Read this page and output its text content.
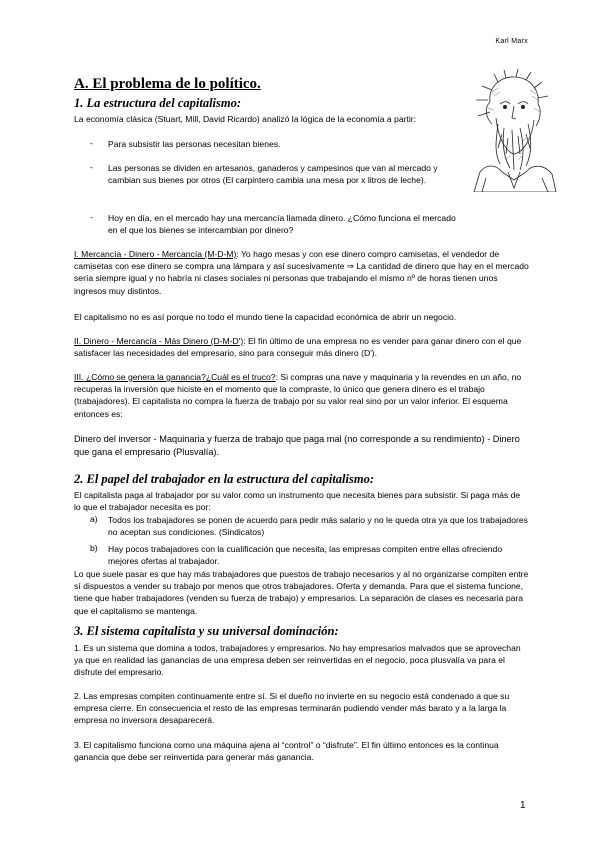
Karl Marx
A. El problema de lo político.
1. La estructura del capitalismo:
La economía clásica (Stuart, Mill, David Ricardo) analizó la lógica de la economía a partir:
- Para subsistir las personas necesitan bienes.
- Las personas se dividen en artesanos, ganaderos y campesinos que van al mercado y cambian sus bienes por otros (El carpintero cambia una mesa por x litros de leche).
- Hoy en día, en el mercado hay una mercancía llamada dinero. ¿Cómo funciona el mercado en el que los bienes se intercambian por dinero?
I. Mercancía - Dinero - Mercancía (M-D-M): Yo hago mesas y con ese dinero compro camisetas, el vendedor de camisetas con ese dinero se compra una lámpara y así sucesivamente ⇒ La cantidad de dinero que hay en el mercado sería siempre igual y no habría ni clases sociales ni personas que trabajando el mismo nº de horas tienen unos ingresos muy distintos.
El capitalismo no es así porque no todo el mundo tiene la capacidad económica de abrir un negocio.
II. Dinero - Mercancía - Más Dinero (D-M-D'): El fin último de una empresa no es vender para ganar dinero con el que satisfacer las necesidades del empresario, sino para conseguir más dinero (D').
III. ¿Cómo se genera la ganancia?¿Cuál es el truco?: Si compras una nave y maquinaria y la revendes en un año, no recuperas la inversión que hiciste en el momento que la compraste, lo único que genera dinero es el trabajo (trabajadores). El capitalista no compra la fuerza de trabajo por su valor real sino por un valor inferior. El esquema entonces es:
Dinero del inversor - Maquinaria y fuerza de trabajo que paga mal (no corresponde a su rendimiento) - Dinero que gana el empresario (Plusvalía).
2. El papel del trabajador en la estructura del capitalismo:
El capitalista paga al trabajador por su valor como un instrumento que necesita bienes para subsistir. Si paga más de lo que el trabajador necesita es por:
a) Todos los trabajadores se ponen de acuerdo para pedir más salario y no le queda otra ya que los trabajadores no aceptan sus condiciones. (Sindicatos)
b) Hay pocos trabajadores con la cualificación que necesita, las empresas compiten entre ellas ofreciendo mejores ofertas al trabajador.
Lo que suele pasar es que hay más trabajadores que puestos de trabajo necesarios y al no organizarse compiten entre sí dispuestos a vender su trabajo por menos que otros trabajadores. Oferta y demanda. Para que el sistema funcione, tiene que haber trabajadores (venden su fuerza de trabajo) y empresarios. La separación de clases es necesaria para que el capitalismo se mantenga.
3. El sistema capitalista y su universal dominación:
1. Es un sistema que domina a todos, trabajadores y empresarios. No hay empresarios malvados que se aprovechan ya que en realidad las ganancias de una empresa deben ser reinvertidas en el negocio, poca plusvalía va para el disfrute del empresario.
2. Las empresas compiten continuamente entre sí. Si el dueño no invierte en su negocio está condenado a que su empresa cierre. En consecuencia el resto de las empresas terminarán pudiendo vender más barato y a la larga la empresa no inversora desaparecerá.
3. El capitalismo funciona como una máquina ajena al “control” o “disfrute”. El fin último entonces es la continua ganancia que debe ser reinvertida para generar más ganancia.
1
